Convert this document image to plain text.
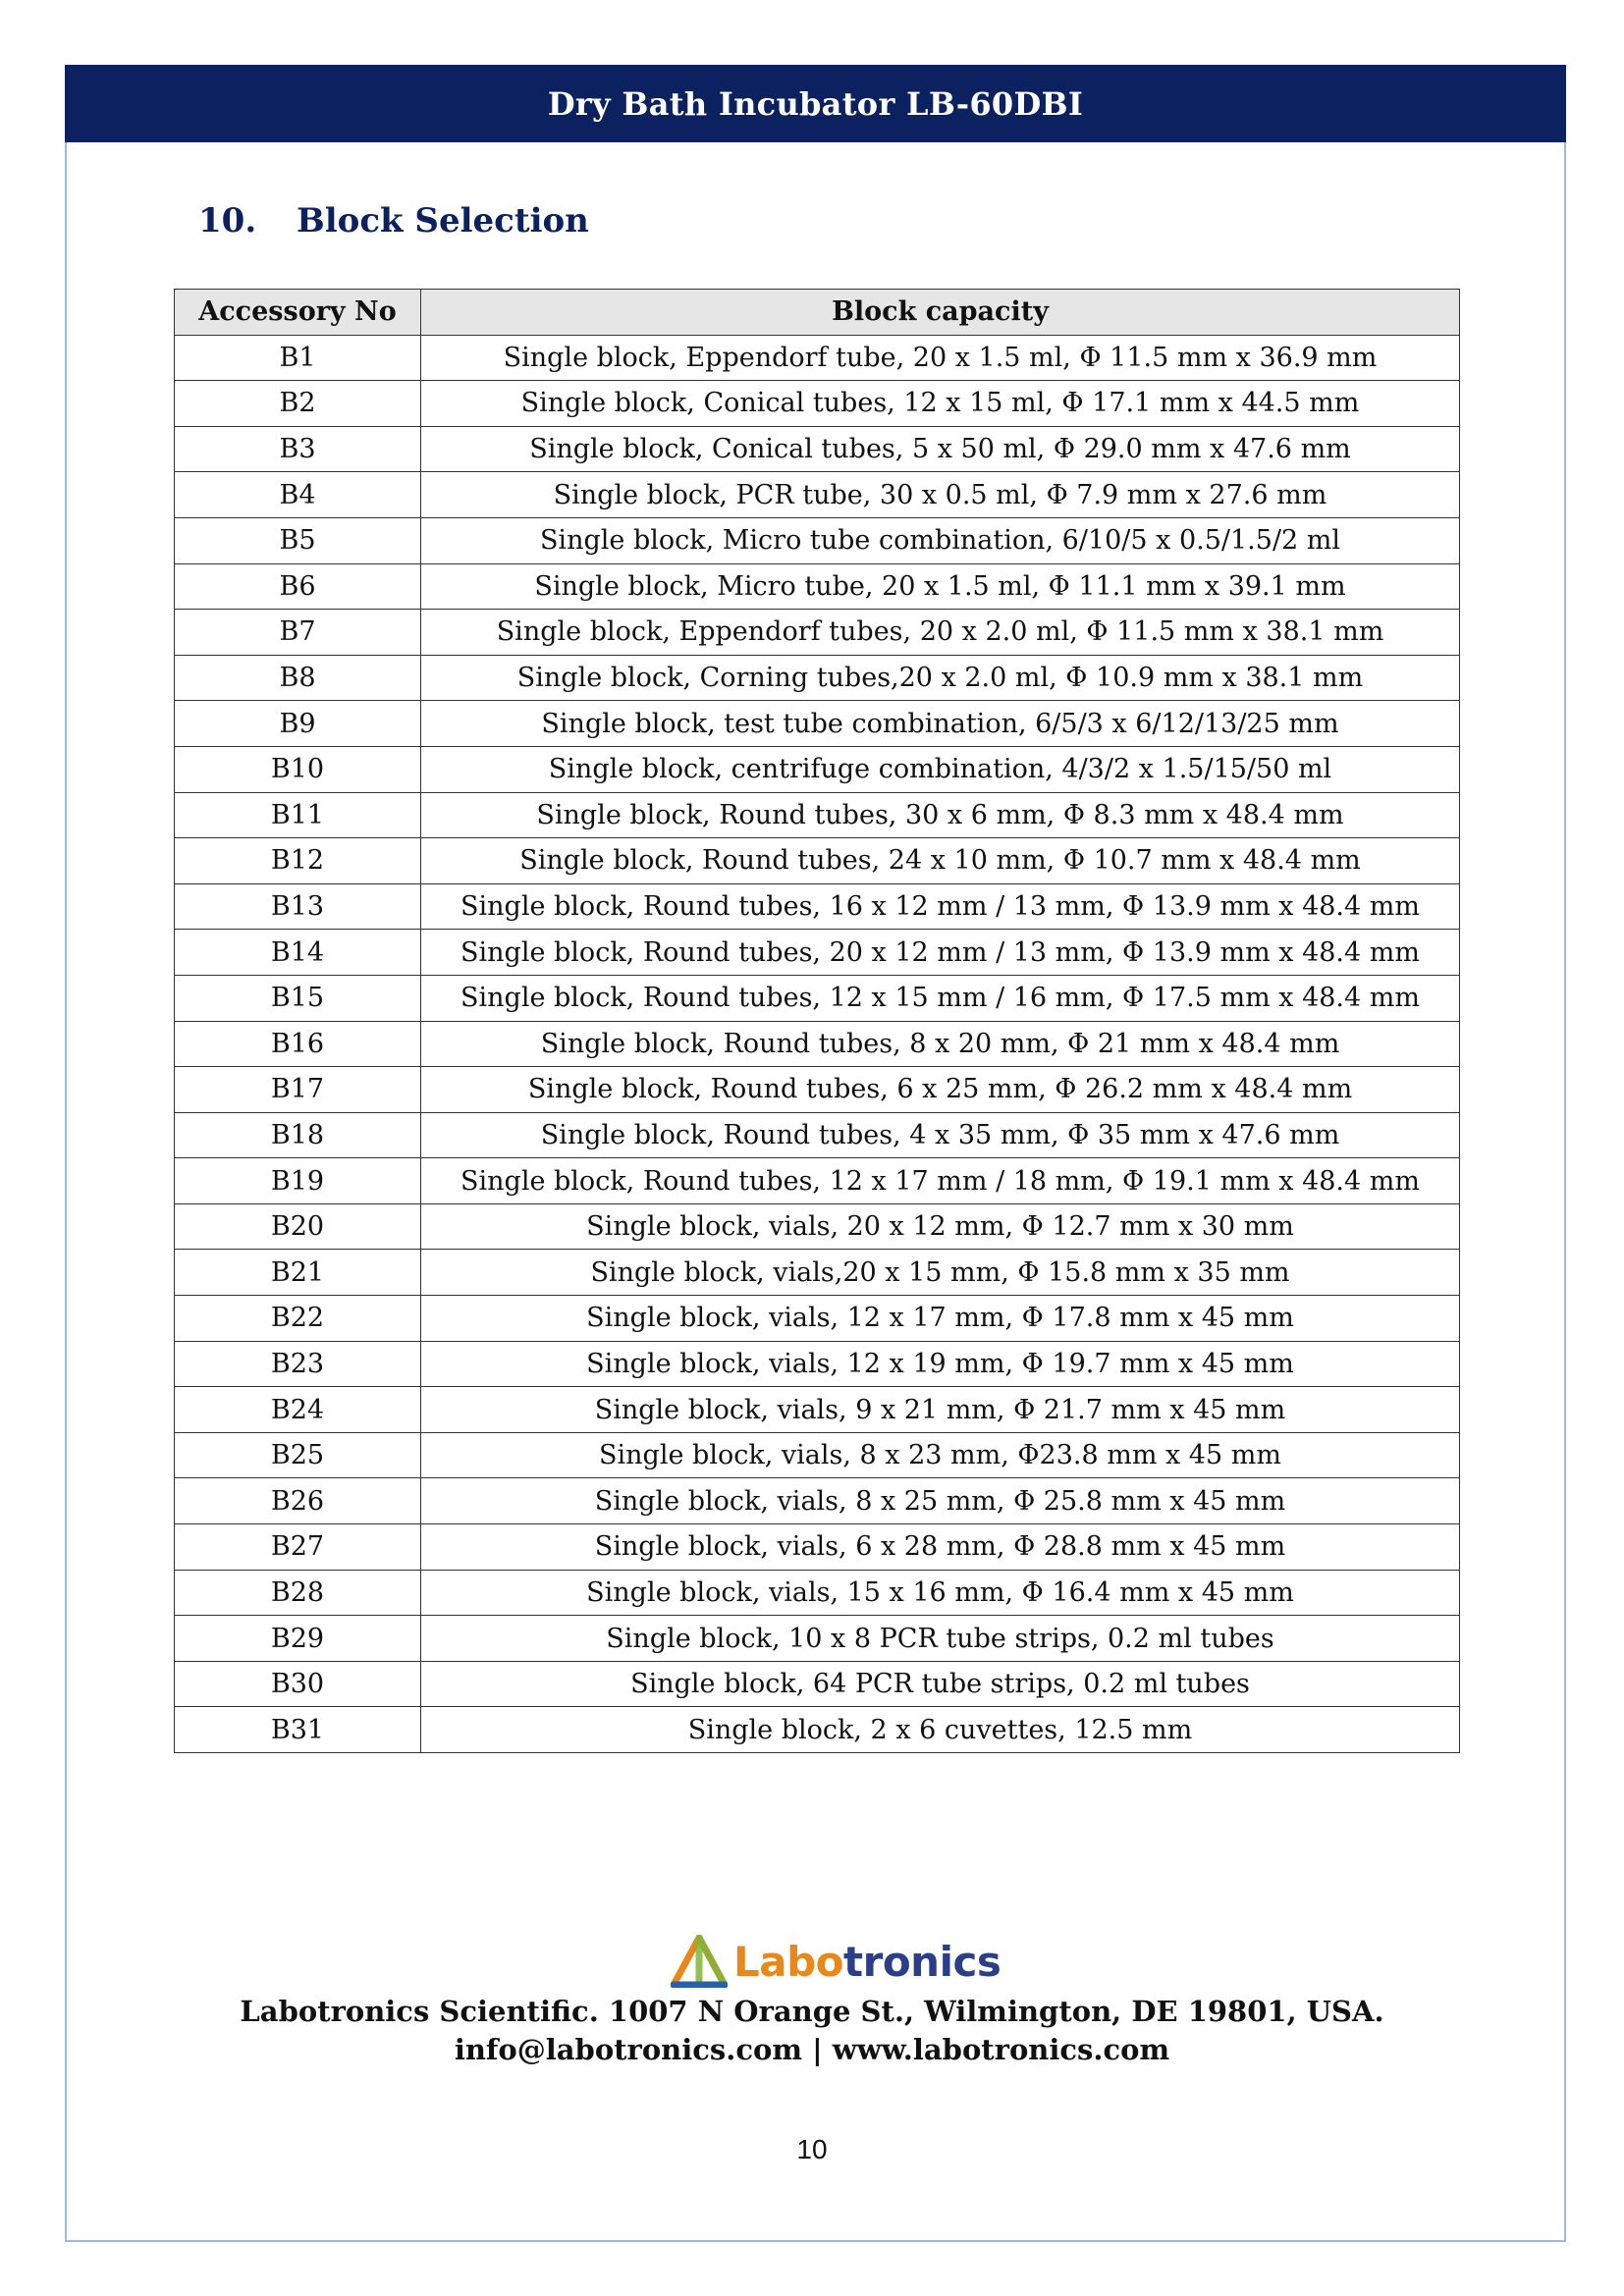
Dry Bath Incubator LB-60DBI
10.	Block Selection
Accessory No	Block capacity
B1	Single block, Eppendorf tube, 20 x 1.5 ml, Φ 11.5 mm x 36.9 mm
B2	Single block, Conical tubes, 12 x 15 ml, Φ 17.1 mm x 44.5 mm
B3	Single block, Conical tubes, 5 x 50 ml, Φ 29.0 mm x 47.6 mm
B4	Single block, PCR tube, 30 x 0.5 ml, Φ 7.9 mm x 27.6 mm
B5	Single block, Micro tube combination, 6/10/5 x 0.5/1.5/2 ml
B6	Single block, Micro tube, 20 x 1.5 ml, Φ 11.1 mm x 39.1 mm
B7	Single block, Eppendorf tubes, 20 x 2.0 ml, Φ 11.5 mm x 38.1 mm
B8	Single block, Corning tubes,20 x 2.0 ml, Φ 10.9 mm x 38.1 mm
B9	Single block, test tube combination, 6/5/3 x 6/12/13/25 mm
B10	Single block, centrifuge combination, 4/3/2 x 1.5/15/50 ml
B11	Single block, Round tubes, 30 x 6 mm, Φ 8.3 mm x 48.4 mm
B12	Single block, Round tubes, 24 x 10 mm, Φ 10.7 mm x 48.4 mm
B13	Single block, Round tubes, 16 x 12 mm / 13 mm, Φ 13.9 mm x 48.4 mm
B14	Single block, Round tubes, 20 x 12 mm / 13 mm, Φ 13.9 mm x 48.4 mm
B15	Single block, Round tubes, 12 x 15 mm / 16 mm, Φ 17.5 mm x 48.4 mm
B16	Single block, Round tubes, 8 x 20 mm, Φ 21 mm x 48.4 mm
B17	Single block, Round tubes, 6 x 25 mm, Φ 26.2 mm x 48.4 mm
B18	Single block, Round tubes, 4 x 35 mm, Φ 35 mm x 47.6 mm
B19	Single block, Round tubes, 12 x 17 mm / 18 mm, Φ 19.1 mm x 48.4 mm
B20	Single block, vials, 20 x 12 mm, Φ 12.7 mm x 30 mm
B21	Single block, vials,20 x 15 mm, Φ 15.8 mm x 35 mm
B22	Single block, vials, 12 x 17 mm, Φ 17.8 mm x 45 mm
B23	Single block, vials, 12 x 19 mm, Φ 19.7 mm x 45 mm
B24	Single block, vials, 9 x 21 mm, Φ 21.7 mm x 45 mm
B25	Single block, vials, 8 x 23 mm, Φ23.8 mm x 45 mm
B26	Single block, vials, 8 x 25 mm, Φ 25.8 mm x 45 mm
B27	Single block, vials, 6 x 28 mm, Φ 28.8 mm x 45 mm
B28	Single block, vials, 15 x 16 mm, Φ 16.4 mm x 45 mm
B29	Single block, 10 x 8 PCR tube strips, 0.2 ml tubes
B30	Single block, 64 PCR tube strips, 0.2 ml tubes
B31	Single block, 2 x 6 cuvettes, 12.5 mm
Labotronics
Labotronics Scientific. 1007 N Orange St., Wilmington, DE 19801, USA.
info@labotronics.com | www.labotronics.com
10
